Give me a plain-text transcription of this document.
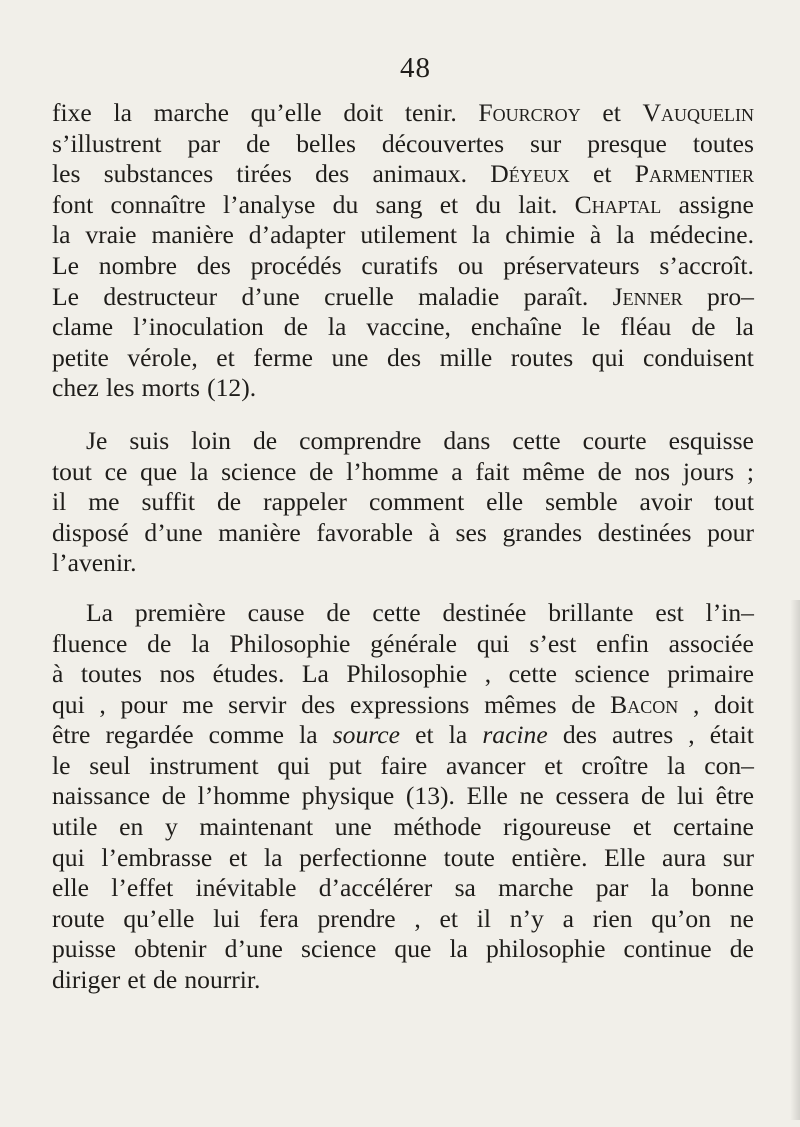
48
fixe la marche qu’elle doit tenir. Fourcroy et Vauquelin
s’illustrent par de belles découvertes sur presque toutes
les substances tirées des animaux. Déyeux et Parmentier
font connaître l’analyse du sang et du lait. Chaptal assigne
la vraie manière d’adapter utilement la chimie à la médecine.
Le nombre des procédés curatifs ou préservateurs s’accroît.
Le destructeur d’une cruelle maladie paraît. Jenner pro–
clame l’inoculation de la vaccine, enchaîne le fléau de la
petite vérole, et ferme une des mille routes qui conduisent
chez les morts (12).
Je suis loin de comprendre dans cette courte esquisse
tout ce que la science de l’homme a fait même de nos jours ;
il me suffit de rappeler comment elle semble avoir tout
disposé d’une manière favorable à ses grandes destinées pour
l’avenir.
La première cause de cette destinée brillante est l’in–
fluence de la Philosophie générale qui s’est enfin associée
à toutes nos études. La Philosophie , cette science primaire
qui , pour me servir des expressions mêmes de Bacon , doit
être regardée comme la source et la racine des autres , était
le seul instrument qui put faire avancer et croître la con–
naissance de l’homme physique (13). Elle ne cessera de lui être
utile en y maintenant une méthode rigoureuse et certaine
qui l’embrasse et la perfectionne toute entière. Elle aura sur
elle l’effet inévitable d’accélérer sa marche par la bonne
route qu’elle lui fera prendre , et il n’y a rien qu’on ne
puisse obtenir d’une science que la philosophie continue de
diriger et de nourrir.
